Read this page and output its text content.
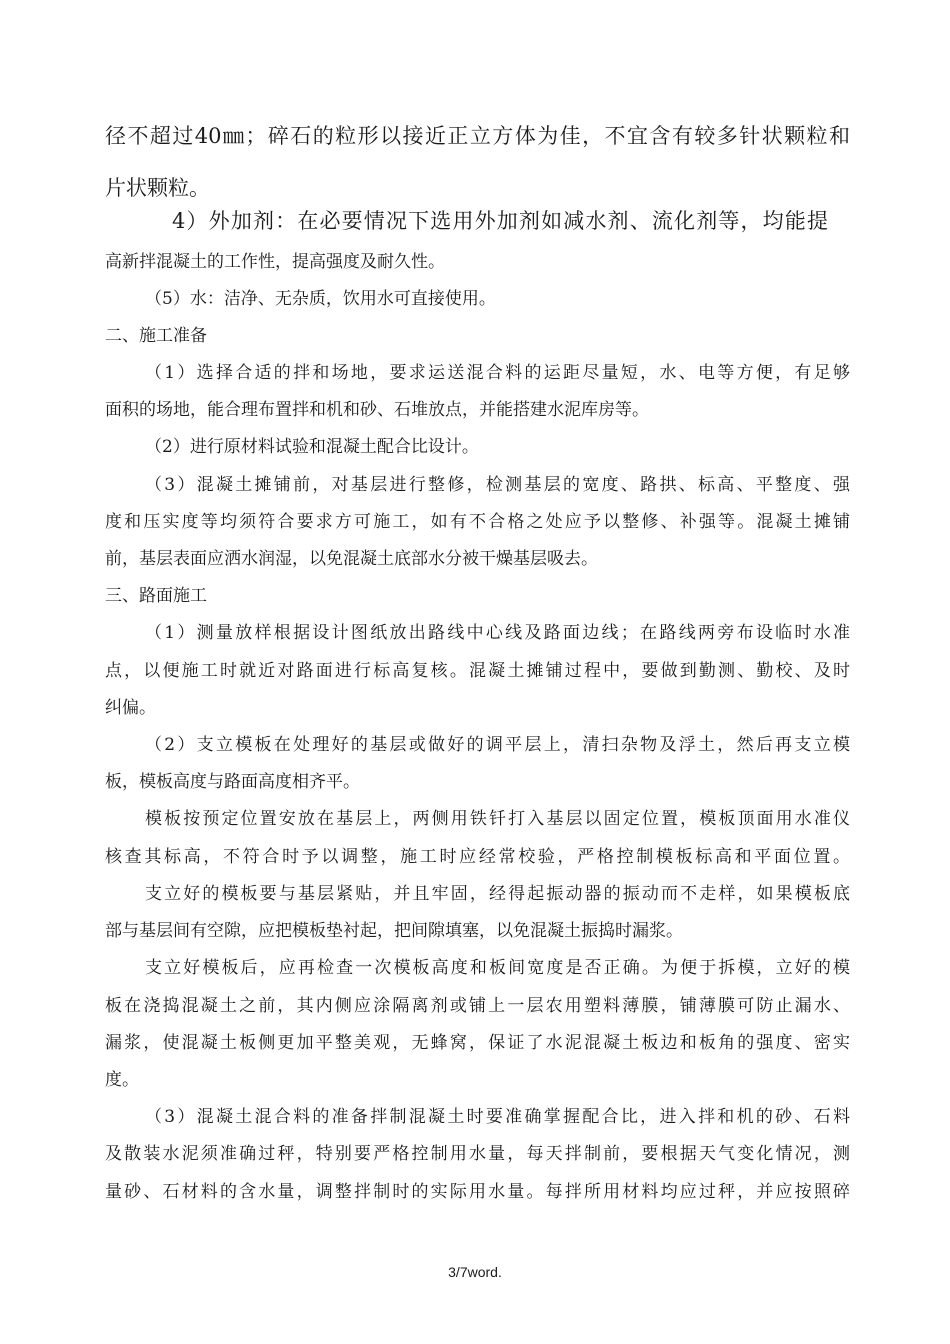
径不超过40㎜；碎石的粒形以接近正立方体为佳，不宜含有较多针状颗粒和
片状颗粒。
4）外加剂：在必要情况下选用外加剂如减水剂、流化剂等，均能提
高新拌混凝土的工作性，提高强度及耐久性。
（5）水：洁净、无杂质，饮用水可直接使用。
二、施工准备
（1）选择合适的拌和场地，要求运送混合料的运距尽量短，水、电等方便，有足够
面积的场地，能合理布置拌和机和砂、石堆放点，并能搭建水泥库房等。
（2）进行原材料试验和混凝土配合比设计。
（3）混凝土摊铺前，对基层进行整修，检测基层的宽度、路拱、标高、平整度、强
度和压实度等均须符合要求方可施工，如有不合格之处应予以整修、补强等。混凝土摊铺
前，基层表面应洒水润湿，以免混凝土底部水分被干燥基层吸去。
三、路面施工
（1）测量放样根据设计图纸放出路线中心线及路面边线；在路线两旁布设临时水准
点，以便施工时就近对路面进行标高复核。混凝土摊铺过程中，要做到勤测、勤校、及时
纠偏。
（2）支立模板在处理好的基层或做好的调平层上，清扫杂物及浮土，然后再支立模
板，模板高度与路面高度相齐平。
模板按预定位置安放在基层上，两侧用铁钎打入基层以固定位置，模板顶面用水准仪
核查其标高，不符合时予以调整，施工时应经常校验，严格控制模板标高和平面位置。
支立好的模板要与基层紧贴，并且牢固，经得起振动器的振动而不走样，如果模板底
部与基层间有空隙，应把模板垫衬起，把间隙填塞，以免混凝土振捣时漏浆。
支立好模板后，应再检查一次模板高度和板间宽度是否正确。为便于拆模，立好的模
板在浇捣混凝土之前，其内侧应涂隔离剂或铺上一层农用塑料薄膜，铺薄膜可防止漏水、
漏浆，使混凝土板侧更加平整美观，无蜂窝，保证了水泥混凝土板边和板角的强度、密实
度。
（3）混凝土混合料的准备拌制混凝土时要准确掌握配合比，进入拌和机的砂、石料
及散装水泥须准确过秤，特别要严格控制用水量，每天拌制前，要根据天气变化情况，测
量砂、石材料的含水量，调整拌制时的实际用水量。每拌所用材料均应过秤，并应按照碎
3/7word.
